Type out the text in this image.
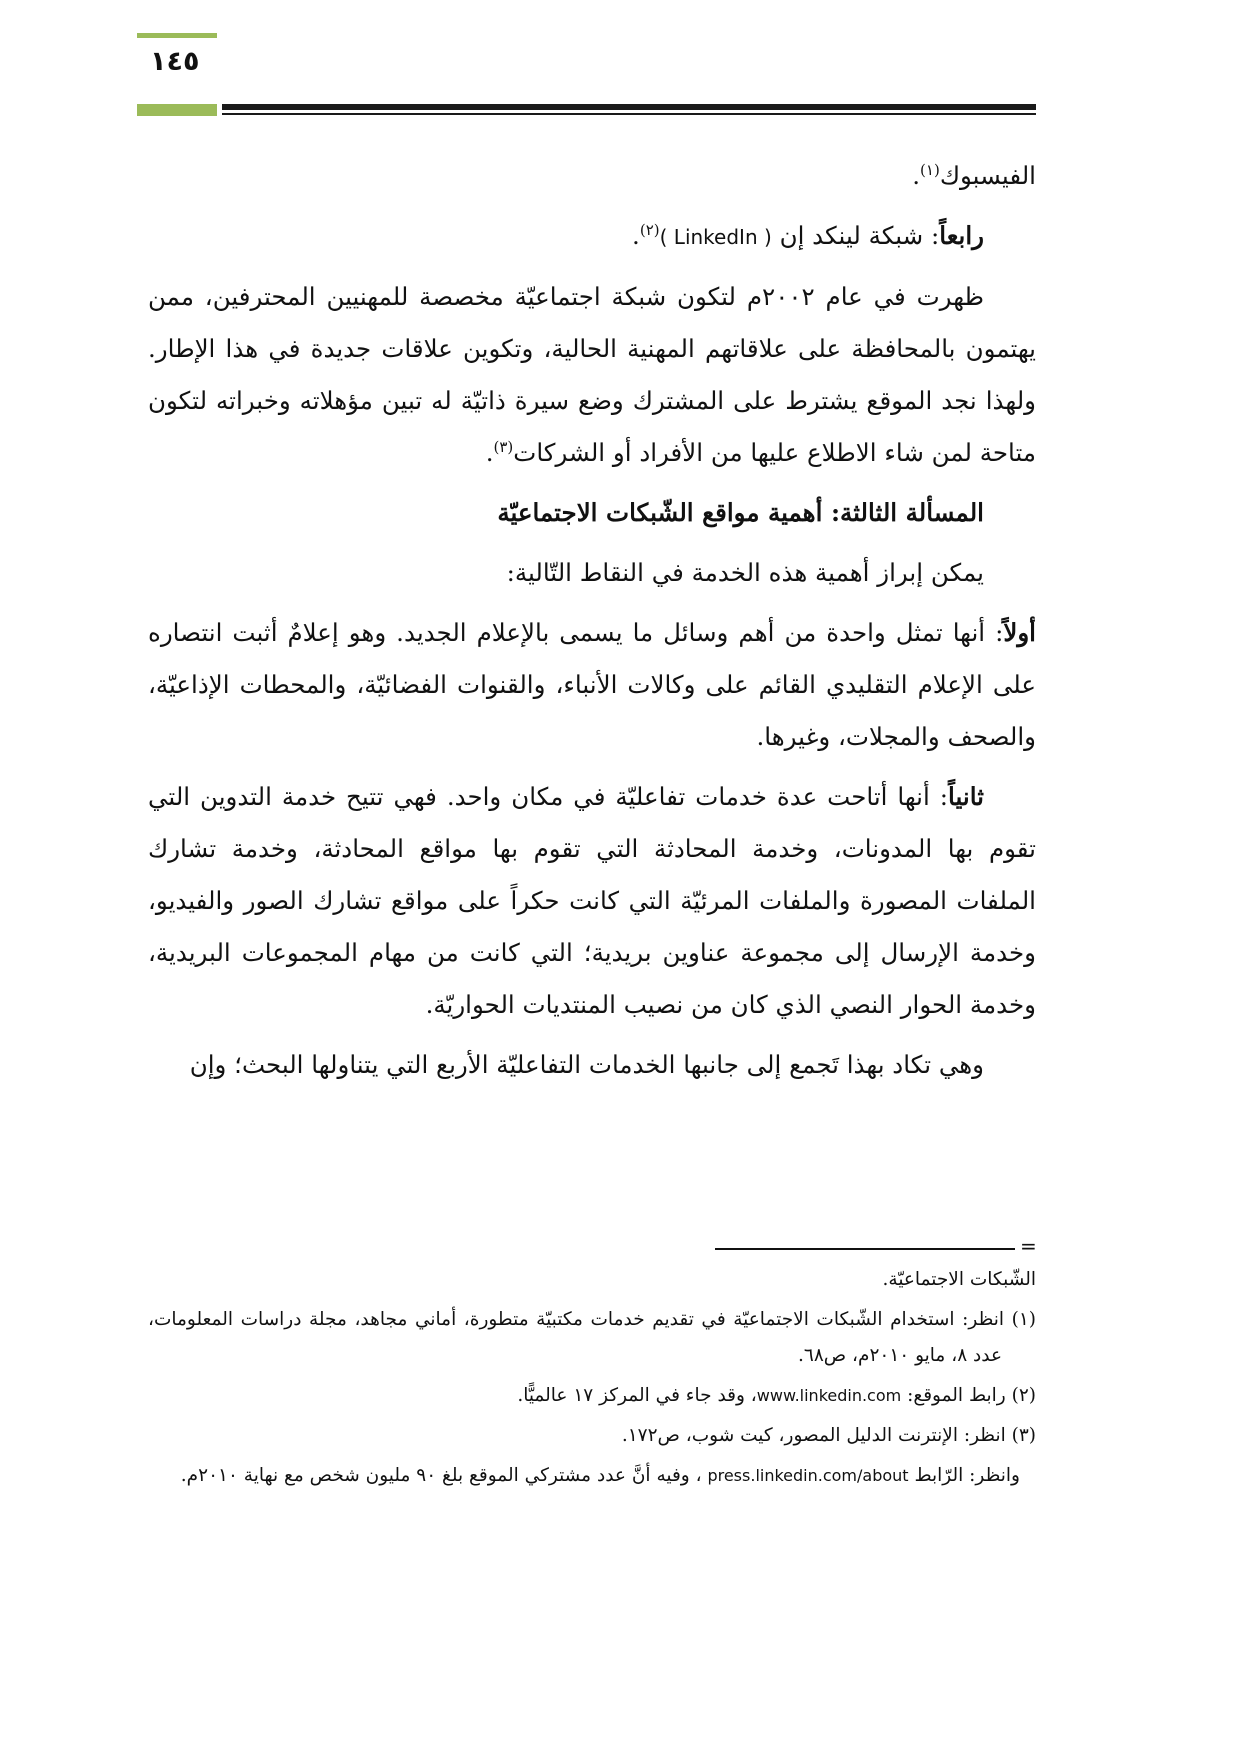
١٤٥

الفيسبوك$^{(١)}$.

رابعاً: شبكة لينكد إن ( LinkedIn )$^{(٢)}$.

ظهرت في عام ٢٠٠٢م لتكون شبكة اجتماعيّة مخصصة للمهنيين المحترفين، ممن يهتمون بالمحافظة على علاقاتهم المهنية الحالية، وتكوين علاقات جديدة في هذا الإطار. ولهذا نجد الموقع يشترط على المشترك وضع سيرة ذاتيّة له تبين مؤهلاته وخبراته لتكون متاحة لمن شاء الاطلاع عليها من الأفراد أو الشركات$^{(٣)}$.

المسألة الثالثة: أهمية مواقع الشّبكات الاجتماعيّة

يمكن إبراز أهمية هذه الخدمة في النقاط التّالية:

أولاً: أنها تمثل واحدة من أهم وسائل ما يسمى بالإعلام الجديد. وهو إعلامٌ أثبت انتصاره على الإعلام التقليدي القائم على وكالات الأنباء، والقنوات الفضائيّة، والمحطات الإذاعيّة، والصحف والمجلات، وغيرها.

ثانياً: أنها أتاحت عدة خدمات تفاعليّة في مكان واحد. فهي تتيح خدمة التدوين التي تقوم بها المدونات، وخدمة المحادثة التي تقوم بها مواقع المحادثة، وخدمة تشارك الملفات المصورة والملفات المرئيّة التي كانت حكراً على مواقع تشارك الصور والفيديو، وخدمة الإرسال إلى مجموعة عناوين بريدية؛ التي كانت من مهام المجموعات البريدية، وخدمة الحوار النصي الذي كان من نصيب المنتديات الحواريّة.

وهي تكاد بهذا تَجمع إلى جانبها الخدمات التفاعليّة الأربع التي يتناولها البحث؛ وإن

=

الشّبكات الاجتماعيّة.

(١) انظر: استخدام الشّبكات الاجتماعيّة في تقديم خدمات مكتبيّة متطورة، أماني مجاهد، مجلة دراسات المعلومات، عدد ٨، مايو ٢٠١٠م، ص٦٨.

(٢) رابط الموقع: www.linkedin.com، وقد جاء في المركز ١٧ عالميًّا.

(٣) انظر: الإنترنت الدليل المصور، كيت شوب، ص١٧٢.

وانظر: الرّابط press.linkedin.com/about ، وفيه أنَّ عدد مشتركي الموقع بلغ ٩٠ مليون شخص مع نهاية ٢٠١٠م.
